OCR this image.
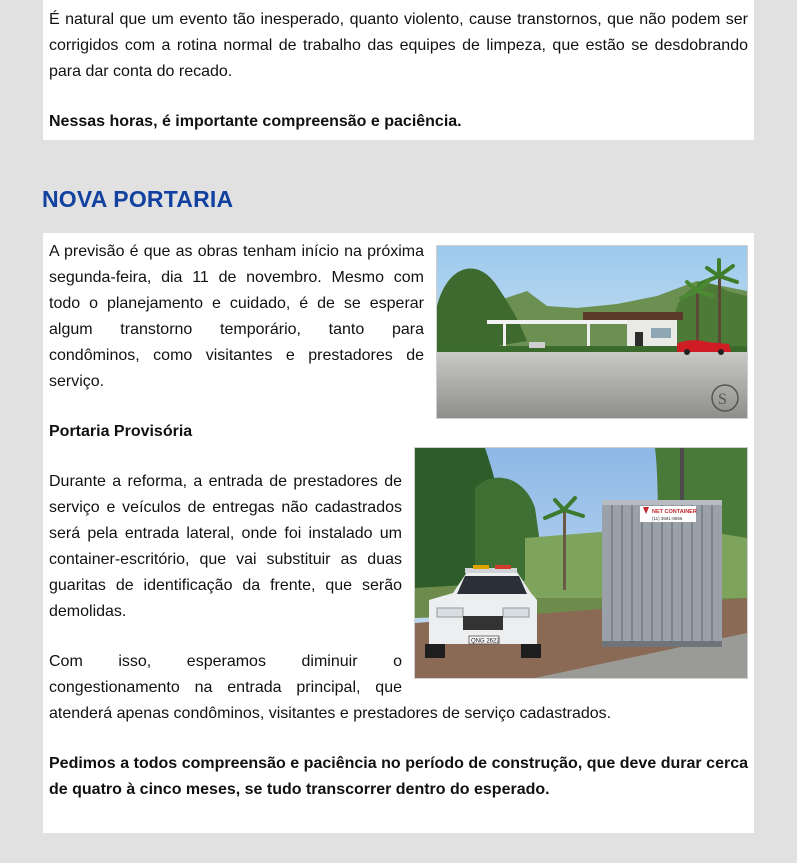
É natural que um evento tão inesperado, quanto violento, cause transtornos, que não podem ser corrigidos com a rotina normal de trabalho das equipes de limpeza, que estão se desdobrando para dar conta do recado.

Nessas horas, é importante compreensão e paciência.

NOVA PORTARIA
S

A previsão é que as obras tenham início na próxima segunda-feira, dia 11 de novembro. Mesmo com todo o planejamento e cuidado, é de se esperar algum transtorno temporário, tanto para condôminos, como visitantes e prestadores de serviço.

Portaria Provisória

NET CONTAINER
(11) 3581-8656
QNG 2622

Durante a reforma, a entrada de prestadores de serviço e veículos de entregas não cadastrados será pela entrada lateral, onde foi instalado um container-escritório, que vai substituir as duas guaritas de identificação da frente, que serão demolidas.

Com isso, esperamos diminuir o congestionamento na entrada principal, que atenderá apenas condôminos, visitantes e prestadores de serviço cadastrados.

Pedimos a todos compreensão e paciência no período de construção, que deve durar cerca de quatro à cinco meses, se tudo transcorrer dentro do esperado.
